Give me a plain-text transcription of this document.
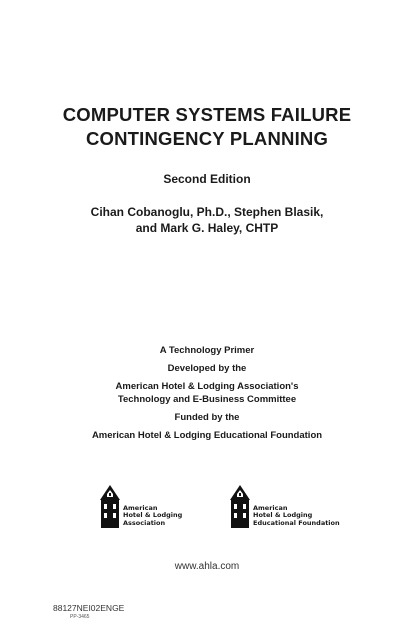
COMPUTER SYSTEMS FAILURE
CONTINGENCY PLANNING
Second Edition
Cihan Cobanoglu, Ph.D., Stephen Blasik,
and Mark G. Haley, CHTP
A Technology Primer
Developed by the
American Hotel & Lodging Association's
Technology and E-Business Committee
Funded by the
American Hotel & Lodging Educational Foundation
American
Hotel & Lodging
Association
American
Hotel & Lodging
Educational Foundation
www.ahla.com
88127NEI02ENGE
PP-3465
